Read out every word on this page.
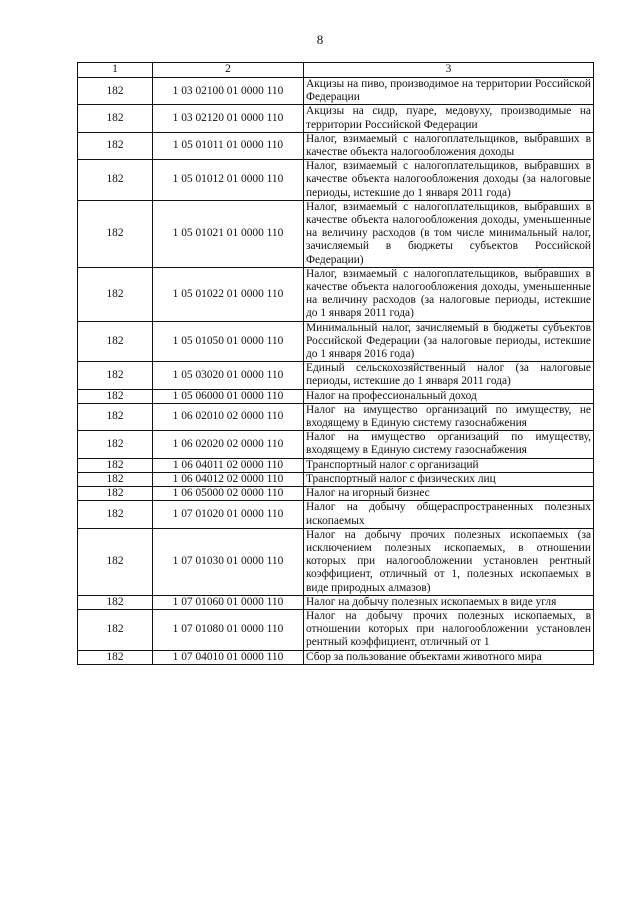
8
1	2	3
182	1 03 02100 01 0000 110	Акцизы на пиво, производимое на территории Российской Федерации
182	1 03 02120 01 0000 110	Акцизы на сидр, пуаре, медовуху, производимые на территории Российской Федерации
182	1 05 01011 01 0000 110	Налог, взимаемый с налогоплательщиков, выбравших в качестве объекта налогообложения доходы
182	1 05 01012 01 0000 110	Налог, взимаемый с налогоплательщиков, выбравших в качестве объекта налогообложения доходы (за налоговые периоды, истекшие до 1 января 2011 года)
182	1 05 01021 01 0000 110	Налог, взимаемый с налогоплательщиков, выбравших в качестве объекта налогообложения доходы, уменьшенные на величину расходов (в том числе минимальный налог, зачисляемый в бюджеты субъектов Российской Федерации)
182	1 05 01022 01 0000 110	Налог, взимаемый с налогоплательщиков, выбравших в качестве объекта налогообложения доходы, уменьшенные на величину расходов (за налоговые периоды, истекшие до 1 января 2011 года)
182	1 05 01050 01 0000 110	Минимальный налог, зачисляемый в бюджеты субъектов Российской Федерации (за налоговые периоды, истекшие до 1 января 2016 года)
182	1 05 03020 01 0000 110	Единый сельскохозяйственный налог (за налоговые периоды, истекшие до 1 января 2011 года)
182	1 05 06000 01 0000 110	Налог на профессиональный доход
182	1 06 02010 02 0000 110	Налог на имущество организаций по имуществу, не входящему в Единую систему газоснабжения
182	1 06 02020 02 0000 110	Налог на имущество организаций по имуществу, входящему в Единую систему газоснабжения
182	1 06 04011 02 0000 110	Транспортный налог с организаций
182	1 06 04012 02 0000 110	Транспортный налог с физических лиц
182	1 06 05000 02 0000 110	Налог на игорный бизнес
182	1 07 01020 01 0000 110	Налог на добычу общераспространенных полезных ископаемых
182	1 07 01030 01 0000 110	Налог на добычу прочих полезных ископаемых (за исключением полезных ископаемых, в отношении которых при налогообложении установлен рентный коэффициент, отличный от 1, полезных ископаемых в виде природных алмазов)
182	1 07 01060 01 0000 110	Налог на добычу полезных ископаемых в виде угля
182	1 07 01080 01 0000 110	Налог на добычу прочих полезных ископаемых, в отношении которых при налогообложении установлен рентный коэффициент, отличный от 1
182	1 07 04010 01 0000 110	Сбор за пользование объектами животного мира
